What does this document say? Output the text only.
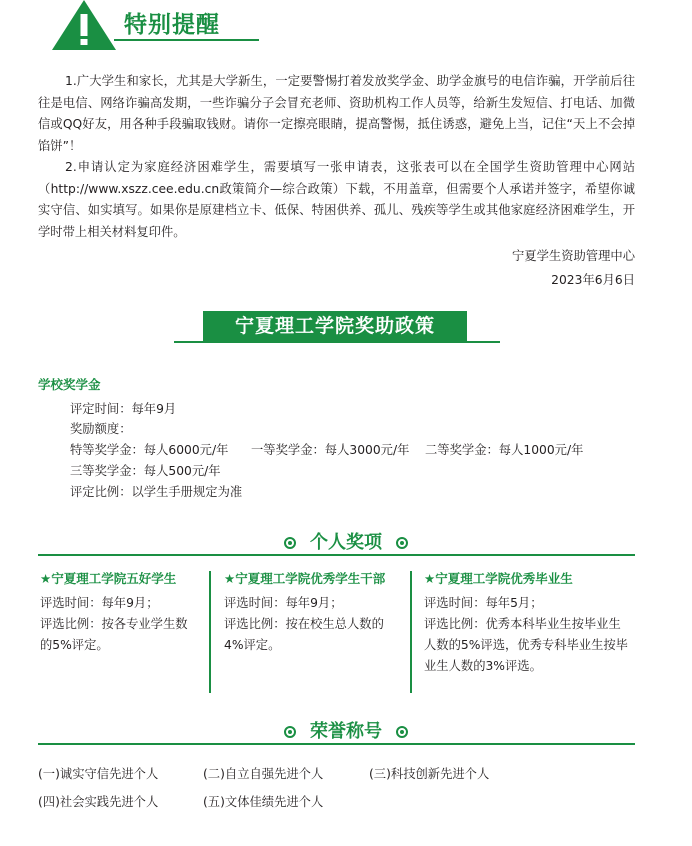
特别提醒
1.广大学生和家长，尤其是大学新生，一定要警惕打着发放奖学金、助学金旗号的电信诈骗，开学前后往往是电信、网络诈骗高发期，一些诈骗分子会冒充老师、资助机构工作人员等，给新生发短信、打电话、加微信或QQ好友，用各种手段骗取钱财。请你一定擦亮眼睛，提高警惕，抵住诱惑，避免上当，记住“天上不会掉馅饼”！
2.申请认定为家庭经济困难学生，需要填写一张申请表，这张表可以在全国学生资助管理中心网站（http://www.xszz.cee.edu.cn政策简介—综合政策）下载，不用盖章，但需要个人承诺并签字，希望你诚实守信、如实填写。如果你是原建档立卡、低保、特困供养、孤儿、残疾等学生或其他家庭经济困难学生，开学时带上相关材料复印件。
宁夏学生资助管理中心
2023年6月6日
宁夏理工学院奖助政策
学校奖学金
评定时间：每年9月
奖励额度：
特等奖学金：每人6000元/年 一等奖学金：每人3000元/年 二等奖学金：每人1000元/年
三等奖学金：每人500元/年
评定比例：以学生手册规定为准
个人奖项
★宁夏理工学院五好学生
评选时间：每年9月；
评选比例：按各专业学生数
的5%评定。
★宁夏理工学院优秀学生干部
评选时间：每年9月；
评选比例：按在校生总人数的
4%评定。
★宁夏理工学院优秀毕业生
评选时间：每年5月；
评选比例：优秀本科毕业生按毕业生
人数的5%评选，优秀专科毕业生按毕
业生人数的3%评选。
荣誉称号
(一)诚实守信先进个人	(二)自立自强先进个人	(三)科技创新先进个人
(四)社会实践先进个人	(五)文体佳绩先进个人
